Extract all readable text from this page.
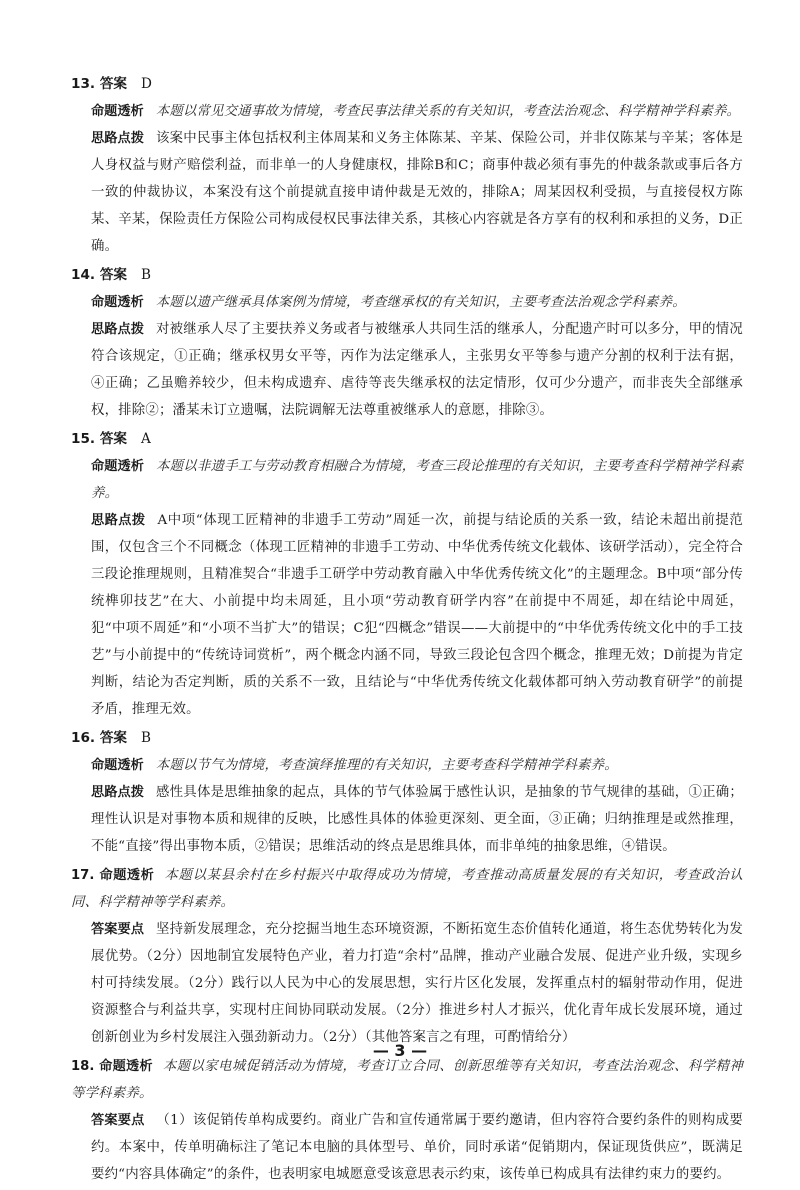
13. 答案 D
命题透析 本题以常见交通事故为情境，考查民事法律关系的有关知识，考查法治观念、科学精神学科素养。
思路点拨 该案中民事主体包括权利主体周某和义务主体陈某、辛某、保险公司，并非仅陈某与辛某；客体是人身权益与财产赔偿利益，而非单一的人身健康权，排除B和C；商事仲裁必须有事先的仲裁条款或事后各方一致的仲裁协议，本案没有这个前提就直接申请仲裁是无效的，排除A；周某因权利受损，与直接侵权方陈某、辛某，保险责任方保险公司构成侵权民事法律关系，其核心内容就是各方享有的权利和承担的义务，D正确。
14. 答案 B
命题透析 本题以遗产继承具体案例为情境，考查继承权的有关知识，主要考查法治观念学科素养。
思路点拨 对被继承人尽了主要扶养义务或者与被继承人共同生活的继承人，分配遗产时可以多分，甲的情况符合该规定，①正确；继承权男女平等，丙作为法定继承人，主张男女平等参与遗产分割的权利于法有据，④正确；乙虽赡养较少，但未构成遗弃、虐待等丧失继承权的法定情形，仅可少分遗产，而非丧失全部继承权，排除②；潘某未订立遗嘱，法院调解无法尊重被继承人的意愿，排除③。
15. 答案 A
命题透析 本题以非遗手工与劳动教育相融合为情境，考查三段论推理的有关知识，主要考查科学精神学科素养。
思路点拨 A中项“体现工匠精神的非遗手工劳动”周延一次，前提与结论质的关系一致，结论未超出前提范围，仅包含三个不同概念（体现工匠精神的非遗手工劳动、中华优秀传统文化载体、该研学活动），完全符合三段论推理规则，且精准契合“非遗手工研学中劳动教育融入中华优秀传统文化”的主题理念。B中项“部分传统榫卯技艺”在大、小前提中均未周延，且小项“劳动教育研学内容”在前提中不周延，却在结论中周延，犯“中项不周延”和“小项不当扩大”的错误；C犯“四概念”错误——大前提中的“中华优秀传统文化中的手工技艺”与小前提中的“传统诗词赏析”，两个概念内涵不同，导致三段论包含四个概念，推理无效；D前提为肯定判断，结论为否定判断，质的关系不一致，且结论与“中华优秀传统文化载体都可纳入劳动教育研学”的前提矛盾，推理无效。
16. 答案 B
命题透析 本题以节气为情境，考查演绎推理的有关知识，主要考查科学精神学科素养。
思路点拨 感性具体是思维抽象的起点，具体的节气体验属于感性认识，是抽象的节气规律的基础，①正确；理性认识是对事物本质和规律的反映，比感性具体的体验更深刻、更全面，③正确；归纳推理是或然推理，不能“直接”得出事物本质，②错误；思维活动的终点是思维具体，而非单纯的抽象思维，④错误。
17. 命题透析 本题以某县余村在乡村振兴中取得成功为情境，考查推动高质量发展的有关知识，考查政治认同、科学精神等学科素养。
答案要点 坚持新发展理念，充分挖掘当地生态环境资源，不断拓宽生态价值转化通道，将生态优势转化为发展优势。（2分）因地制宜发展特色产业，着力打造“余村”品牌，推动产业融合发展、促进产业升级，实现乡村可持续发展。（2分）践行以人民为中心的发展思想，实行片区化发展，发挥重点村的辐射带动作用，促进资源整合与利益共享，实现村庄间协同联动发展。（2分）推进乡村人才振兴，优化青年成长发展环境，通过创新创业为乡村发展注入强劲新动力。（2分）（其他答案言之有理，可酌情给分）
18. 命题透析 本题以家电城促销活动为情境，考查订立合同、创新思维等有关知识，考查法治观念、科学精神等学科素养。
答案要点 （1）该促销传单构成要约。商业广告和宣传通常属于要约邀请，但内容符合要约条件的则构成要约。本案中，传单明确标注了笔记本电脑的具体型号、单价，同时承诺“促销期内，保证现货供应”，既满足要约“内容具体确定”的条件，也表明家电城愿意受该意思表示约束，该传单已构成具有法律约束力的要约。
— 3 —
